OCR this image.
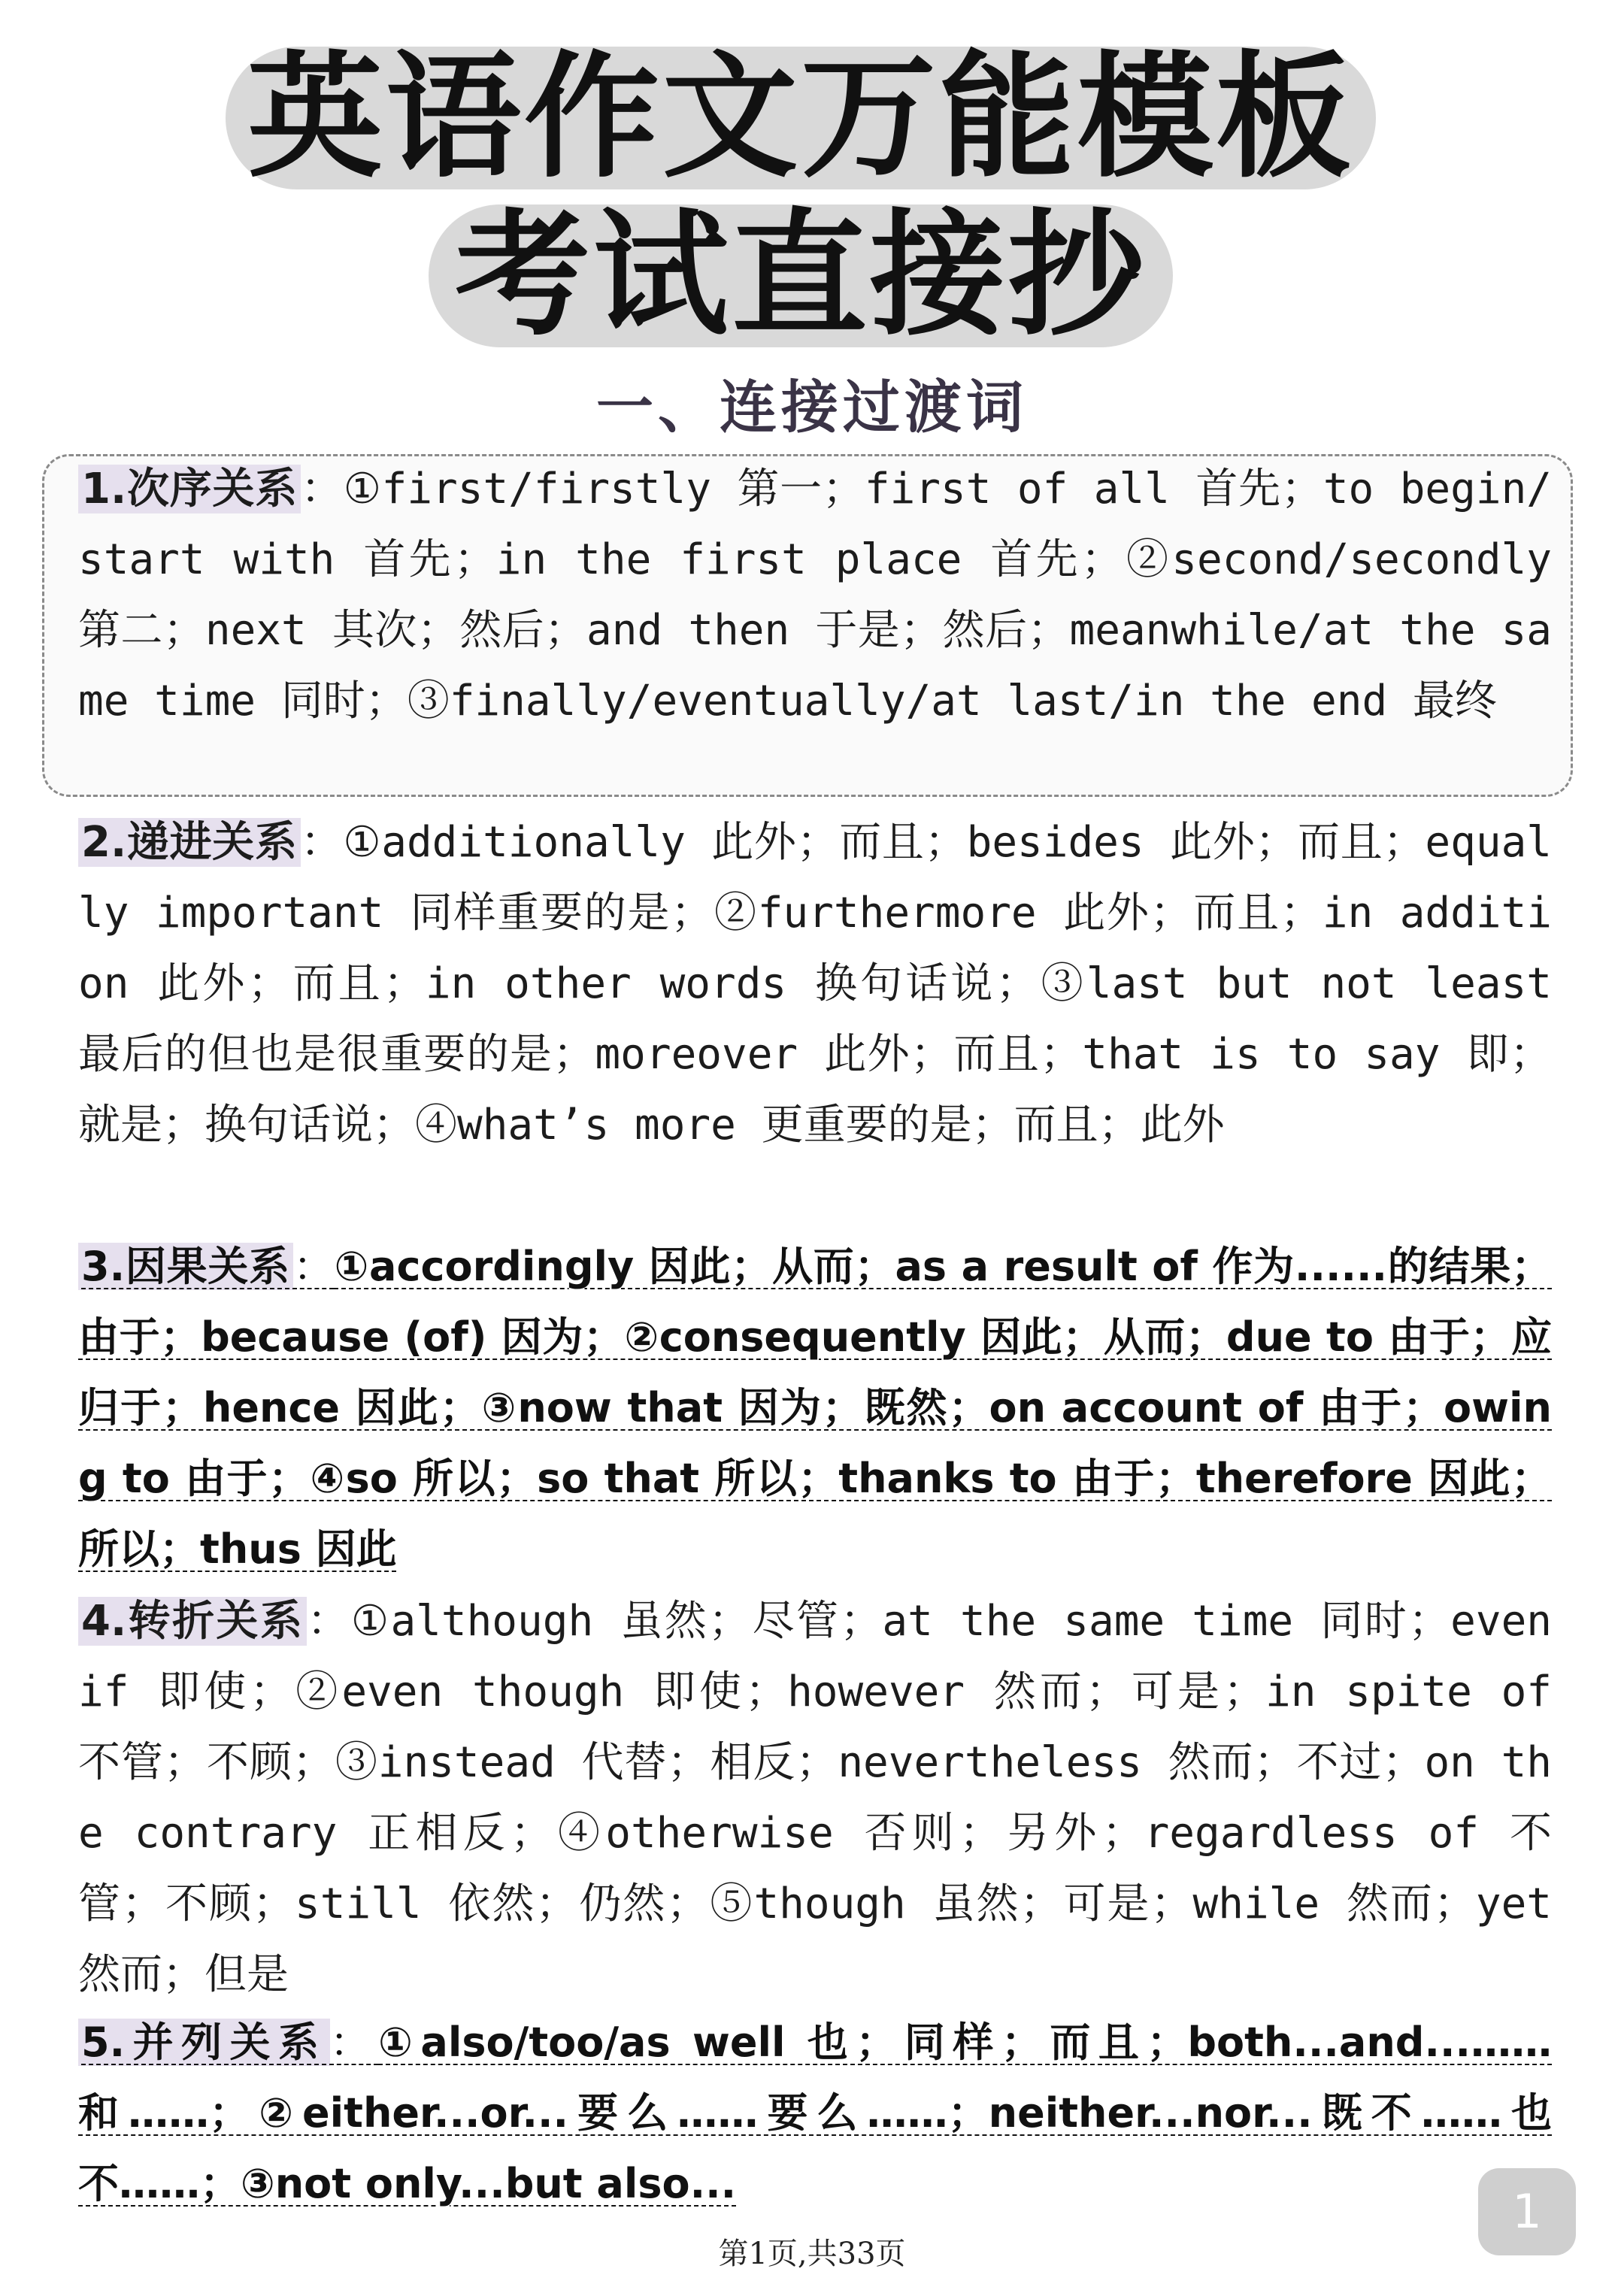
英语作文万能模板
考试直接抄
一、连接过渡词
1.次序关系：①first/firstly 第一；first of all 首先；to begin/start with 首先；in the first place 首先；②second/secondly 第二；next 其次；然后；and then 于是；然后；meanwhile/at the same time 同时；③finally/eventually/at last/in the end 最终
2.递进关系：①additionally 此外；而且；besides 此外；而且；equally important 同样重要的是；②furthermore 此外；而且；in addition 此外；而且；in other words 换句话说；③last but not least 最后的但也是很重要的是；moreover 此外；而且；that is to say 即；就是；换句话说；④what’s more 更重要的是；而且；此外
3.因果关系：①accordingly 因此；从而；as a result of 作为......的结果；由于；because (of) 因为；②consequently 因此；从而；due to 由于；应归于；hence 因此；③now that 因为；既然；on account of 由于；owing to 由于；④so 所以；so that 所以；thanks to 由于；therefore 因此；所以；thus 因此
4.转折关系：①although 虽然；尽管；at the same time 同时；even if 即使；②even though 即使；however 然而；可是；in spite of 不管；不顾；③instead 代替；相反；nevertheless 然而；不过；on the contrary 正相反；④otherwise 否则；另外；regardless of 不管；不顾；still 依然；仍然；⑤though 虽然；可是；while 然而；yet 然而；但是
5.并列关系：①also/too/as well 也；同样；而且；both...and...……和……；②either...or...要么……要么……；neither...nor...既不……也不……；③not only...but also...
1
第1页,共33页
